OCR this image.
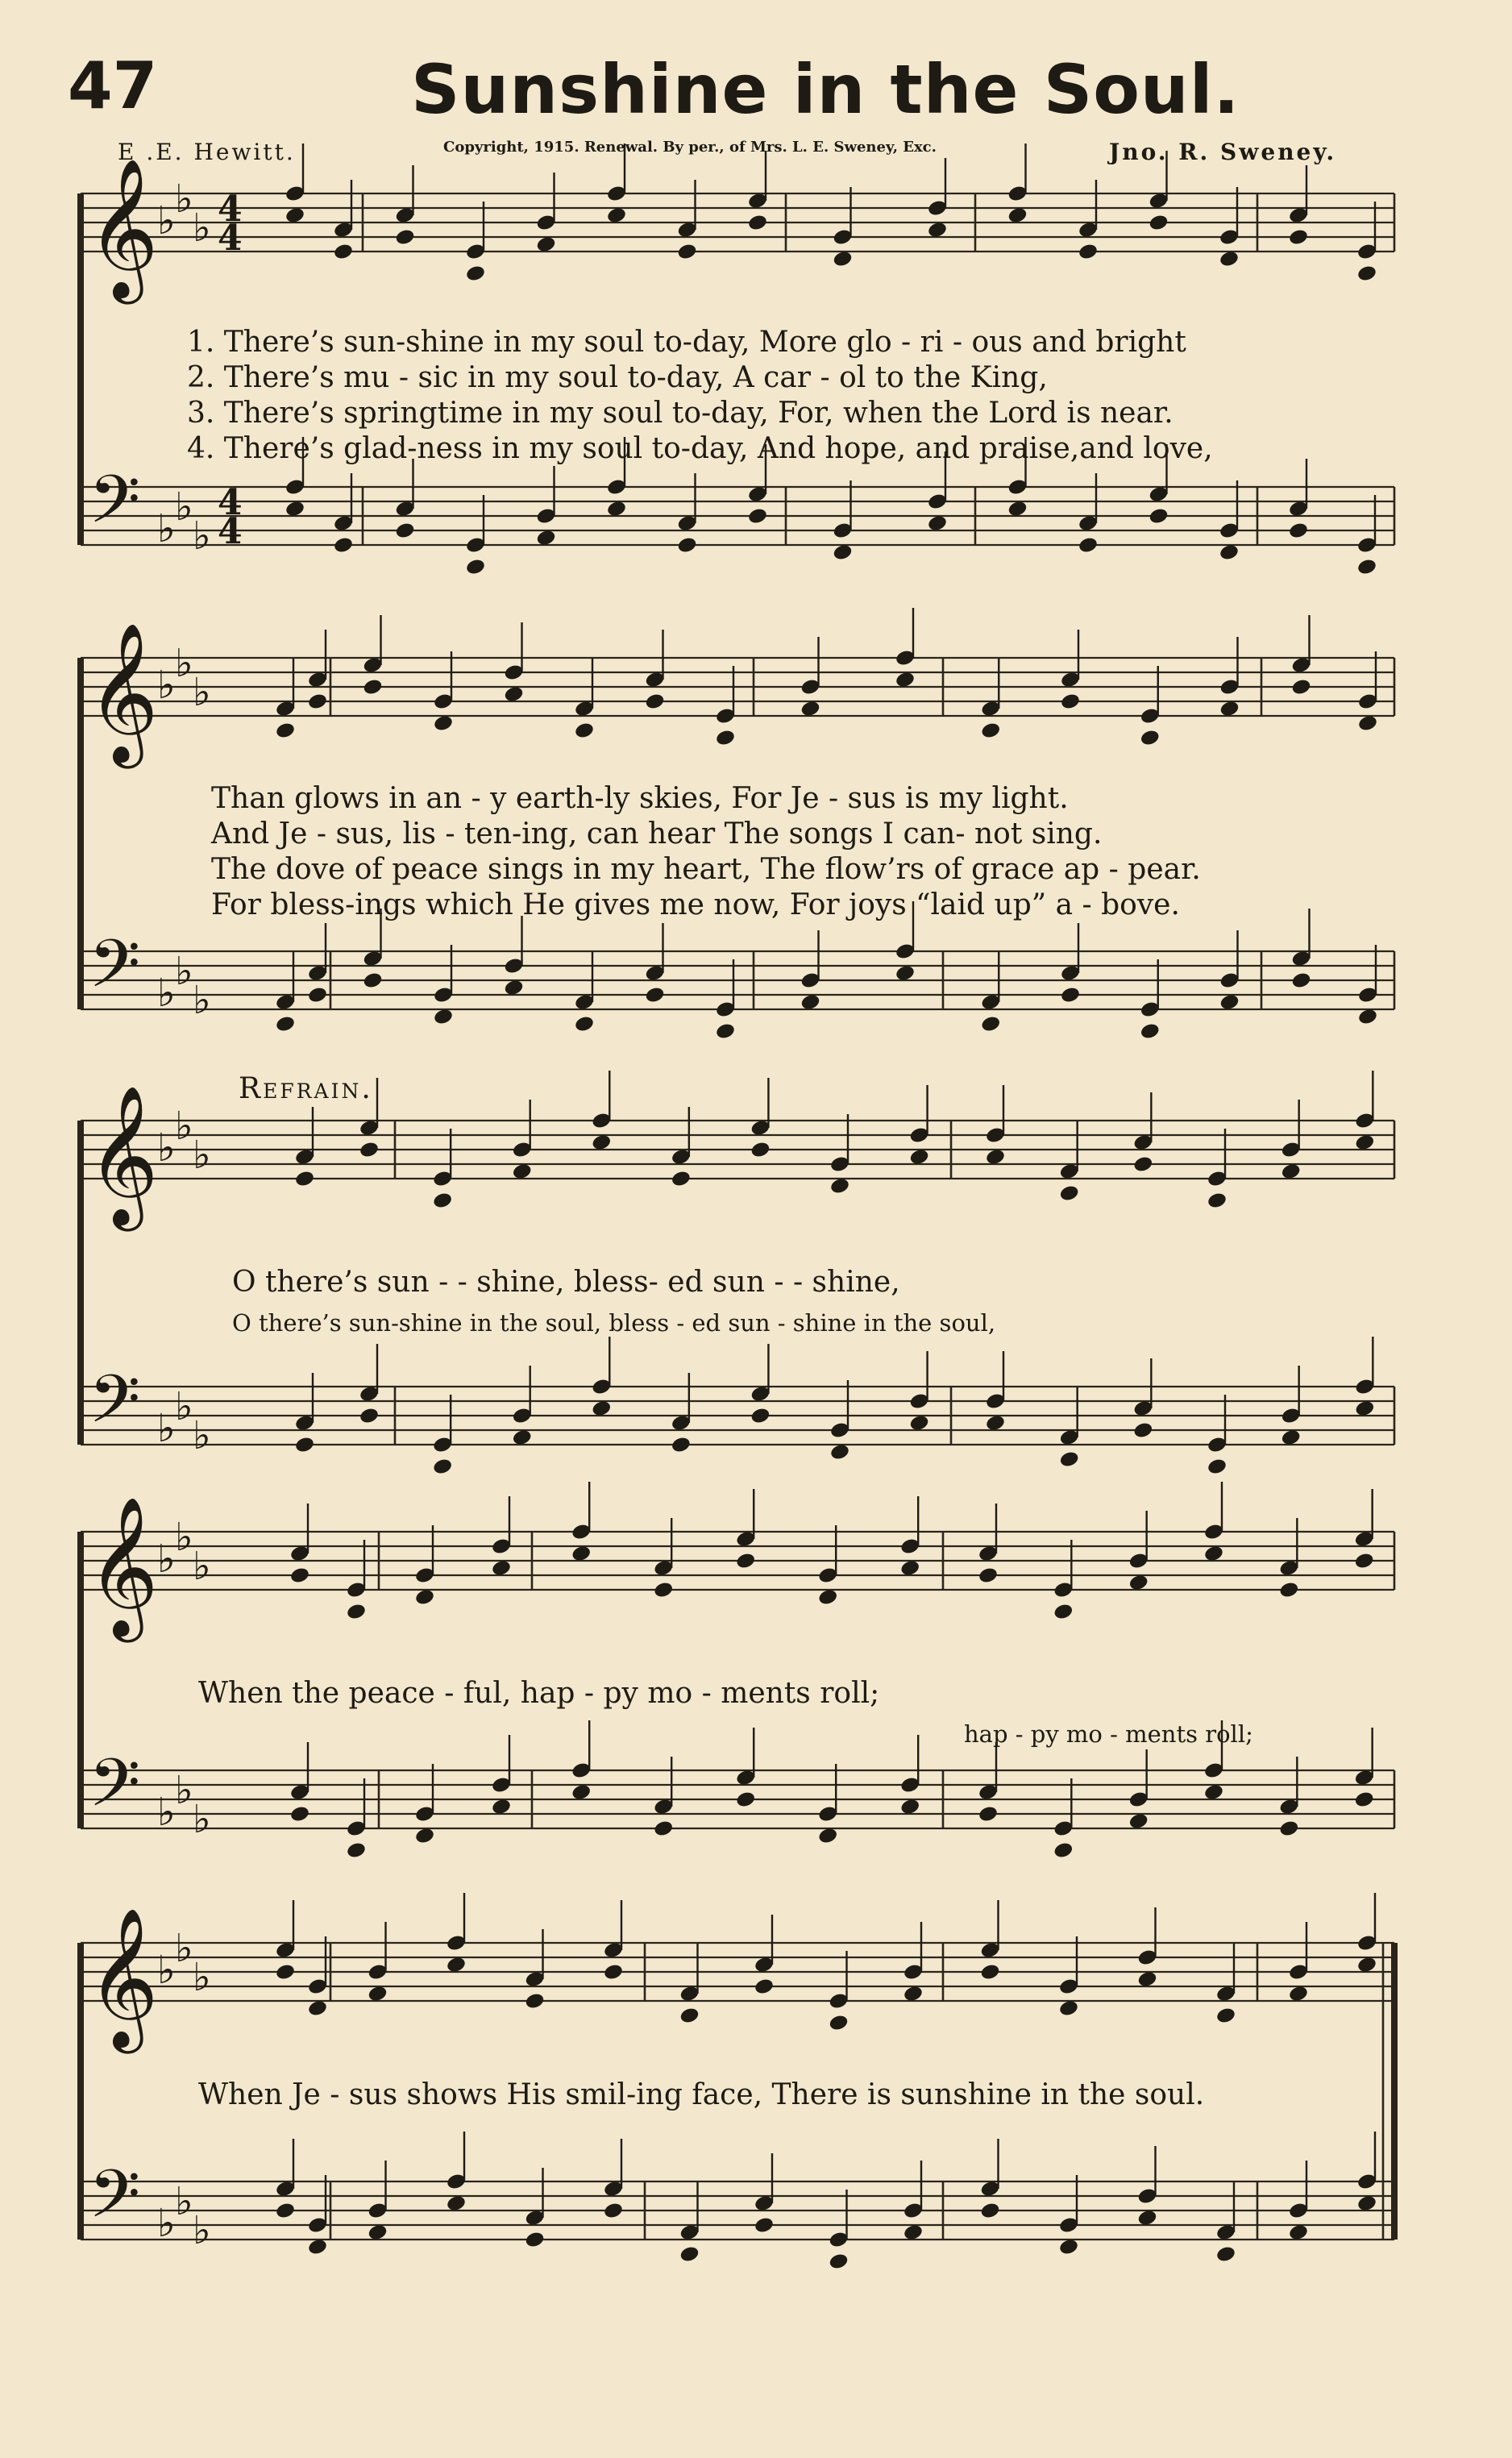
47	Sunshine in the Soul.
E .E. Hewitt.	Copyright, 1915. Renewal. By per., of Mrs. L. E. Sweney, Exc.	Jno. R. Sweney.
𝄞
♭ ♭
♭ 4
4
𝄢 ♭ ♭
♭
4
4
𝄞
♭ ♭
♭
𝄢 ♭ ♭
♭
𝄞
♭ ♭
♭
𝄢 ♭ ♭
♭
𝄞
♭ ♭
♭
𝄢 ♭ ♭
♭
𝄞
♭ ♭
♭
𝄢 ♭ ♭
♭
1. There’s sun-shine in my soul to-day, More glo - ri - ous and bright
2. There’s mu - sic in my soul to-day, A car - ol to the King,
3. There’s springtime in my soul to-day, For, when the Lord is near.
4. There’s glad-ness in my soul to-day, And hope, and praise,and love,
Than glows in an - y earth-ly skies, For Je - sus is my light.
And Je - sus, lis - ten-ing, can hear The songs I can- not sing.
The dove of peace sings in my heart, The flow’rs of grace ap - pear.
For bless-ings which He gives me now, For joys “laid up” a - bove.
Refrain.
O there’s sun - - shine, bless- ed sun - - shine,
O there’s sun-shine in the soul, bless - ed sun - shine in the soul,
When the peace - ful, hap - py mo - ments roll;
hap - py mo - ments roll;
When Je - sus shows His smil-ing face, There is sunshine in the soul.
